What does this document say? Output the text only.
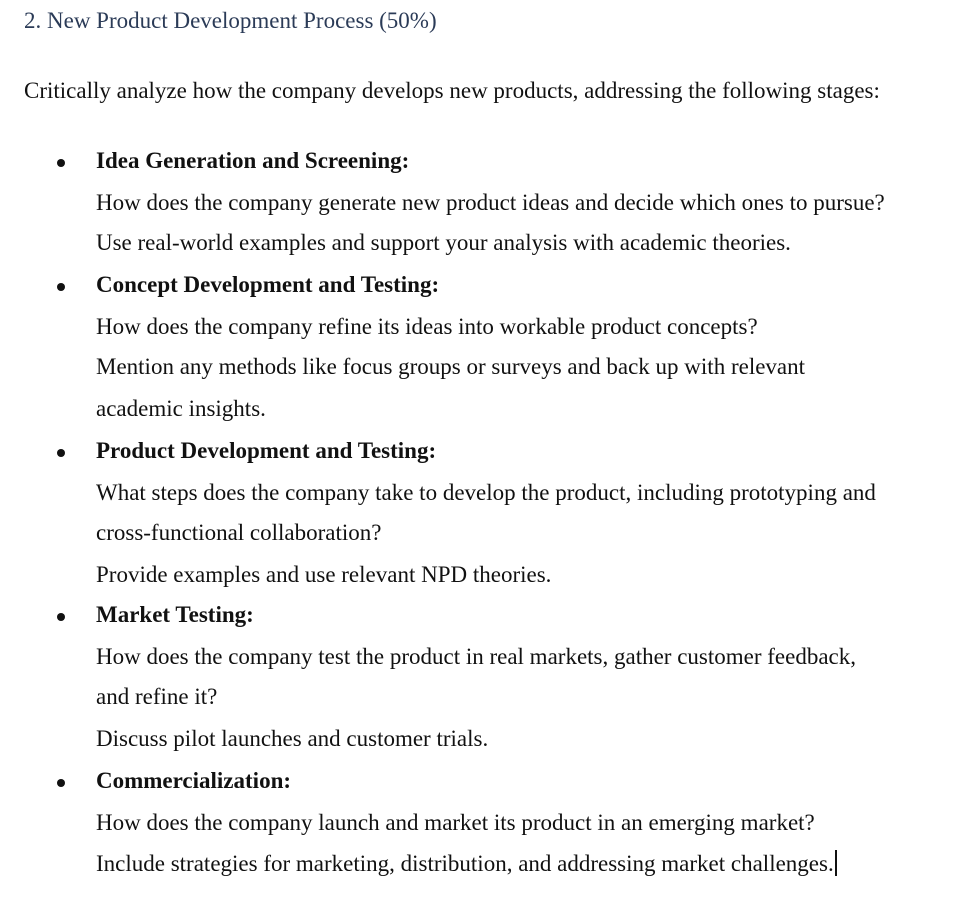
2. New Product Development Process (50%)
Critically analyze how the company develops new products, addressing the following stages:
Idea Generation and Screening:
How does the company generate new product ideas and decide which ones to pursue?
Use real-world examples and support your analysis with academic theories.
Concept Development and Testing:
How does the company refine its ideas into workable product concepts?
Mention any methods like focus groups or surveys and back up with relevant
academic insights.
Product Development and Testing:
What steps does the company take to develop the product, including prototyping and
cross-functional collaboration?
Provide examples and use relevant NPD theories.
Market Testing:
How does the company test the product in real markets, gather customer feedback,
and refine it?
Discuss pilot launches and customer trials.
Commercialization:
How does the company launch and market its product in an emerging market?
Include strategies for marketing, distribution, and addressing market challenges.
